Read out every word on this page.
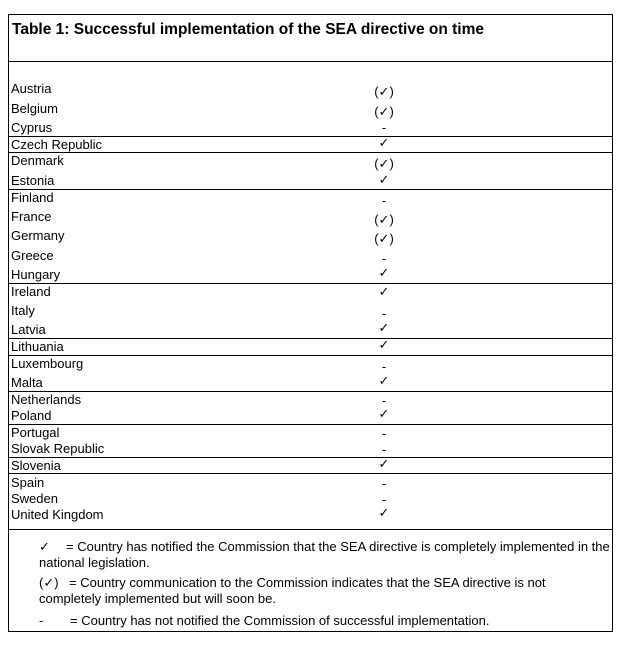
Table 1: Successful implementation of the SEA directive on time
Austria	(✓)
Belgium	(✓)
Cyprus	-
Czech Republic	✓
Denmark	(✓)
Estonia	✓
Finland	-
France	(✓)
Germany	(✓)
Greece	-
Hungary	✓
Ireland	✓
Italy	-
Latvia	✓
Lithuania	✓
Luxembourg	-
Malta	✓
Netherlands	-
Poland	✓
Portugal	-
Slovak Republic	-
Slovenia	✓
Spain	-
Sweden	-
United Kingdom	✓
✓	= Country has notified the Commission that the SEA directive is completely implemented in the national legislation.
(✓) = Country communication to the Commission indicates that the SEA directive is not completely implemented but will soon be.
- = Country has not notified the Commission of successful implementation.
